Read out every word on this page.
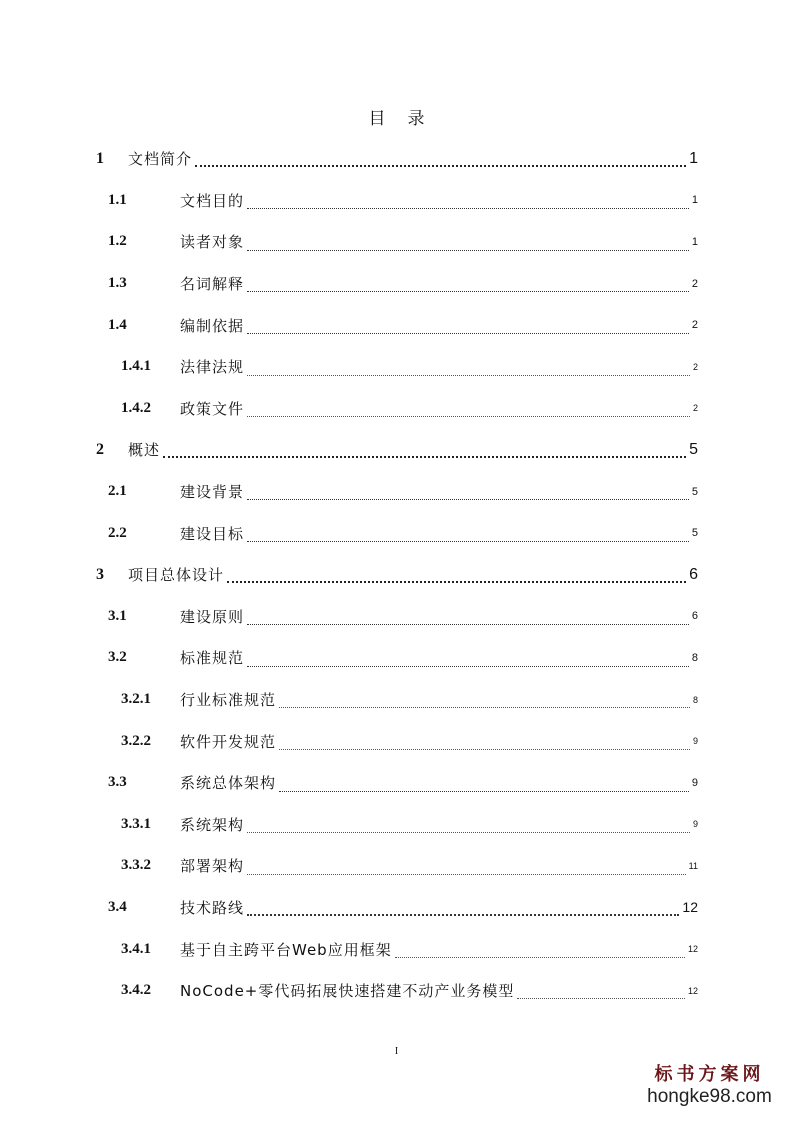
目录
1	文档简介	1
1.1	文档目的	1
1.2	读者对象	1
1.3	名词解释	2
1.4	编制依据	2
1.4.1	法律法规	2
1.4.2	政策文件	2
2	概述	5
2.1	建设背景	5
2.2	建设目标	5
3	项目总体设计	6
3.1	建设原则	6
3.2	标准规范	8
3.2.1	行业标准规范	8
3.2.2	软件开发规范	9
3.3	系统总体架构	9
3.3.1	系统架构	9
3.3.2	部署架构	11
3.4	技术路线	12
3.4.1	基于自主跨平台Web应用框架	12
3.4.2	NoCode+零代码拓展快速搭建不动产业务模型	12
I
标书方案网
hongke98.com
